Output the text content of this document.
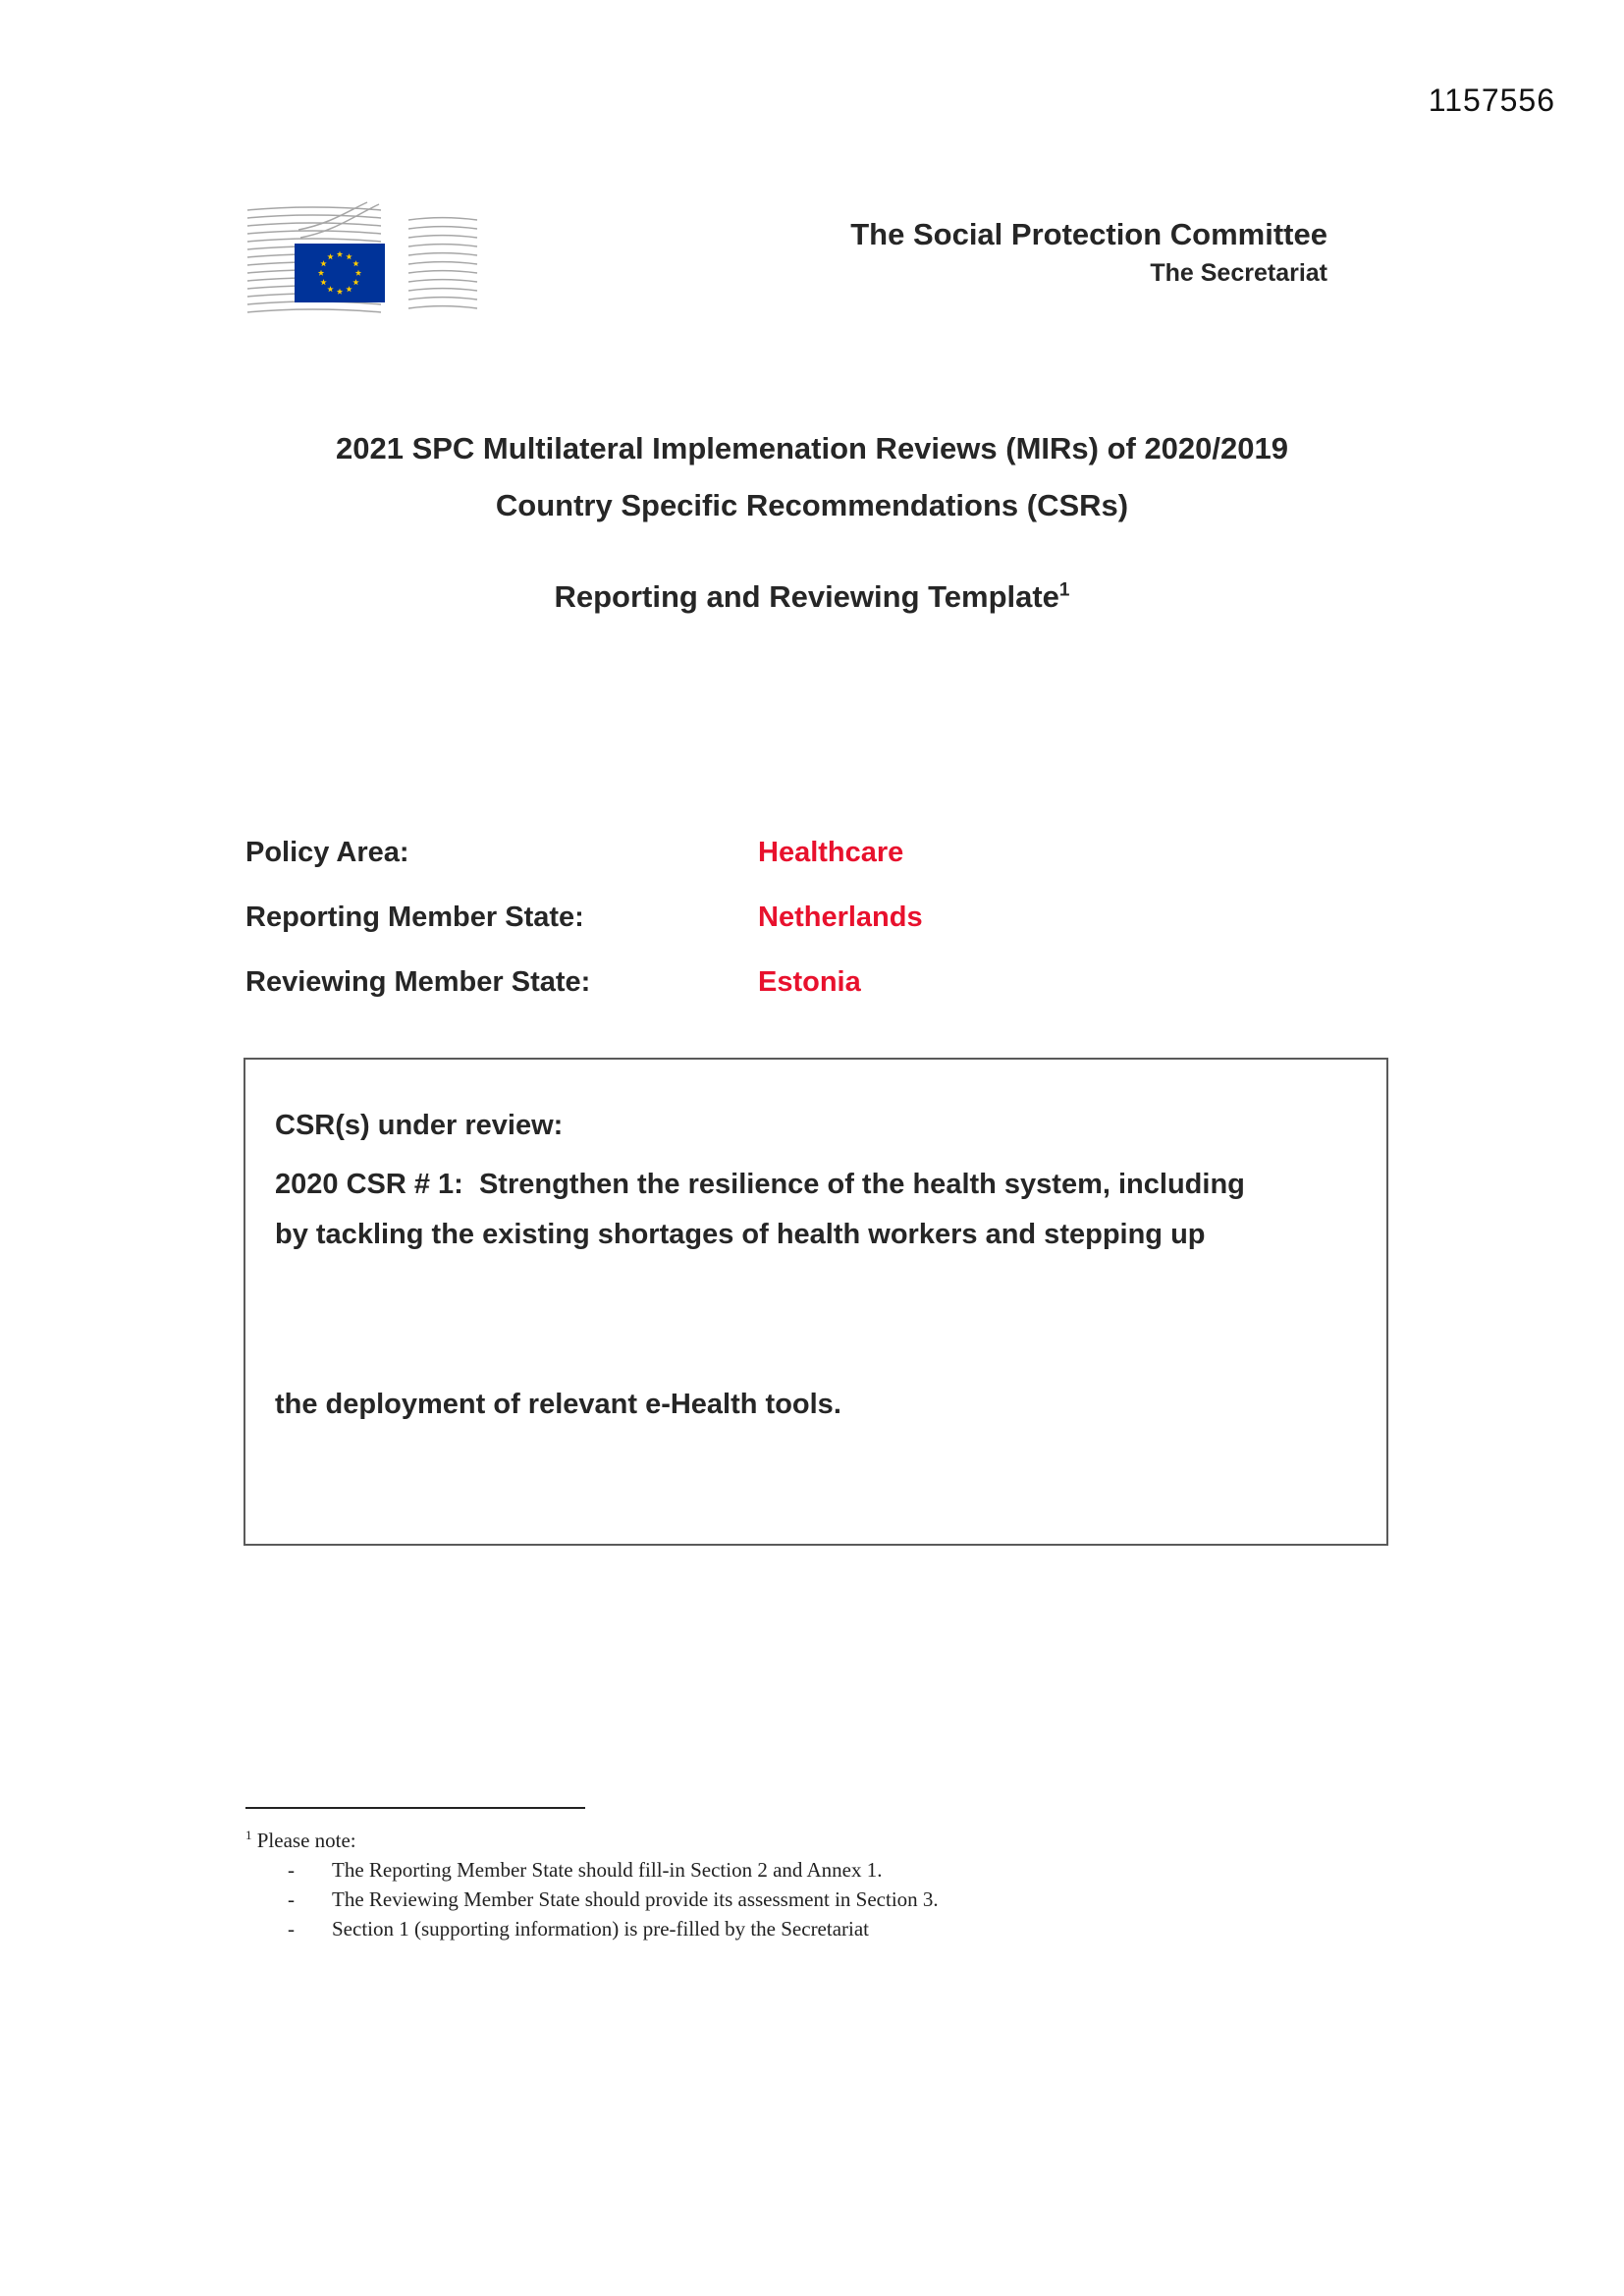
1157556
The Social Protection Committee
The Secretariat
2021 SPC Multilateral Implemenation Reviews (MIRs) of 2020/2019
Country Specific Recommendations (CSRs)
Reporting and Reviewing Template$^1$
Policy Area:	Healthcare
Reporting Member State:	Netherlands
Reviewing Member State:	Estonia
CSR(s) under review:
2020 CSR # 1:  Strengthen the resilience of the health system, including
by tackling the existing shortages of health workers and stepping up
the deployment of relevant e-Health tools.
$^1$ Please note:
-	The Reporting Member State should fill-in Section 2 and Annex 1.
-	The Reviewing Member State should provide its assessment in Section 3.
-	Section 1 (supporting information) is pre-filled by the Secretariat
